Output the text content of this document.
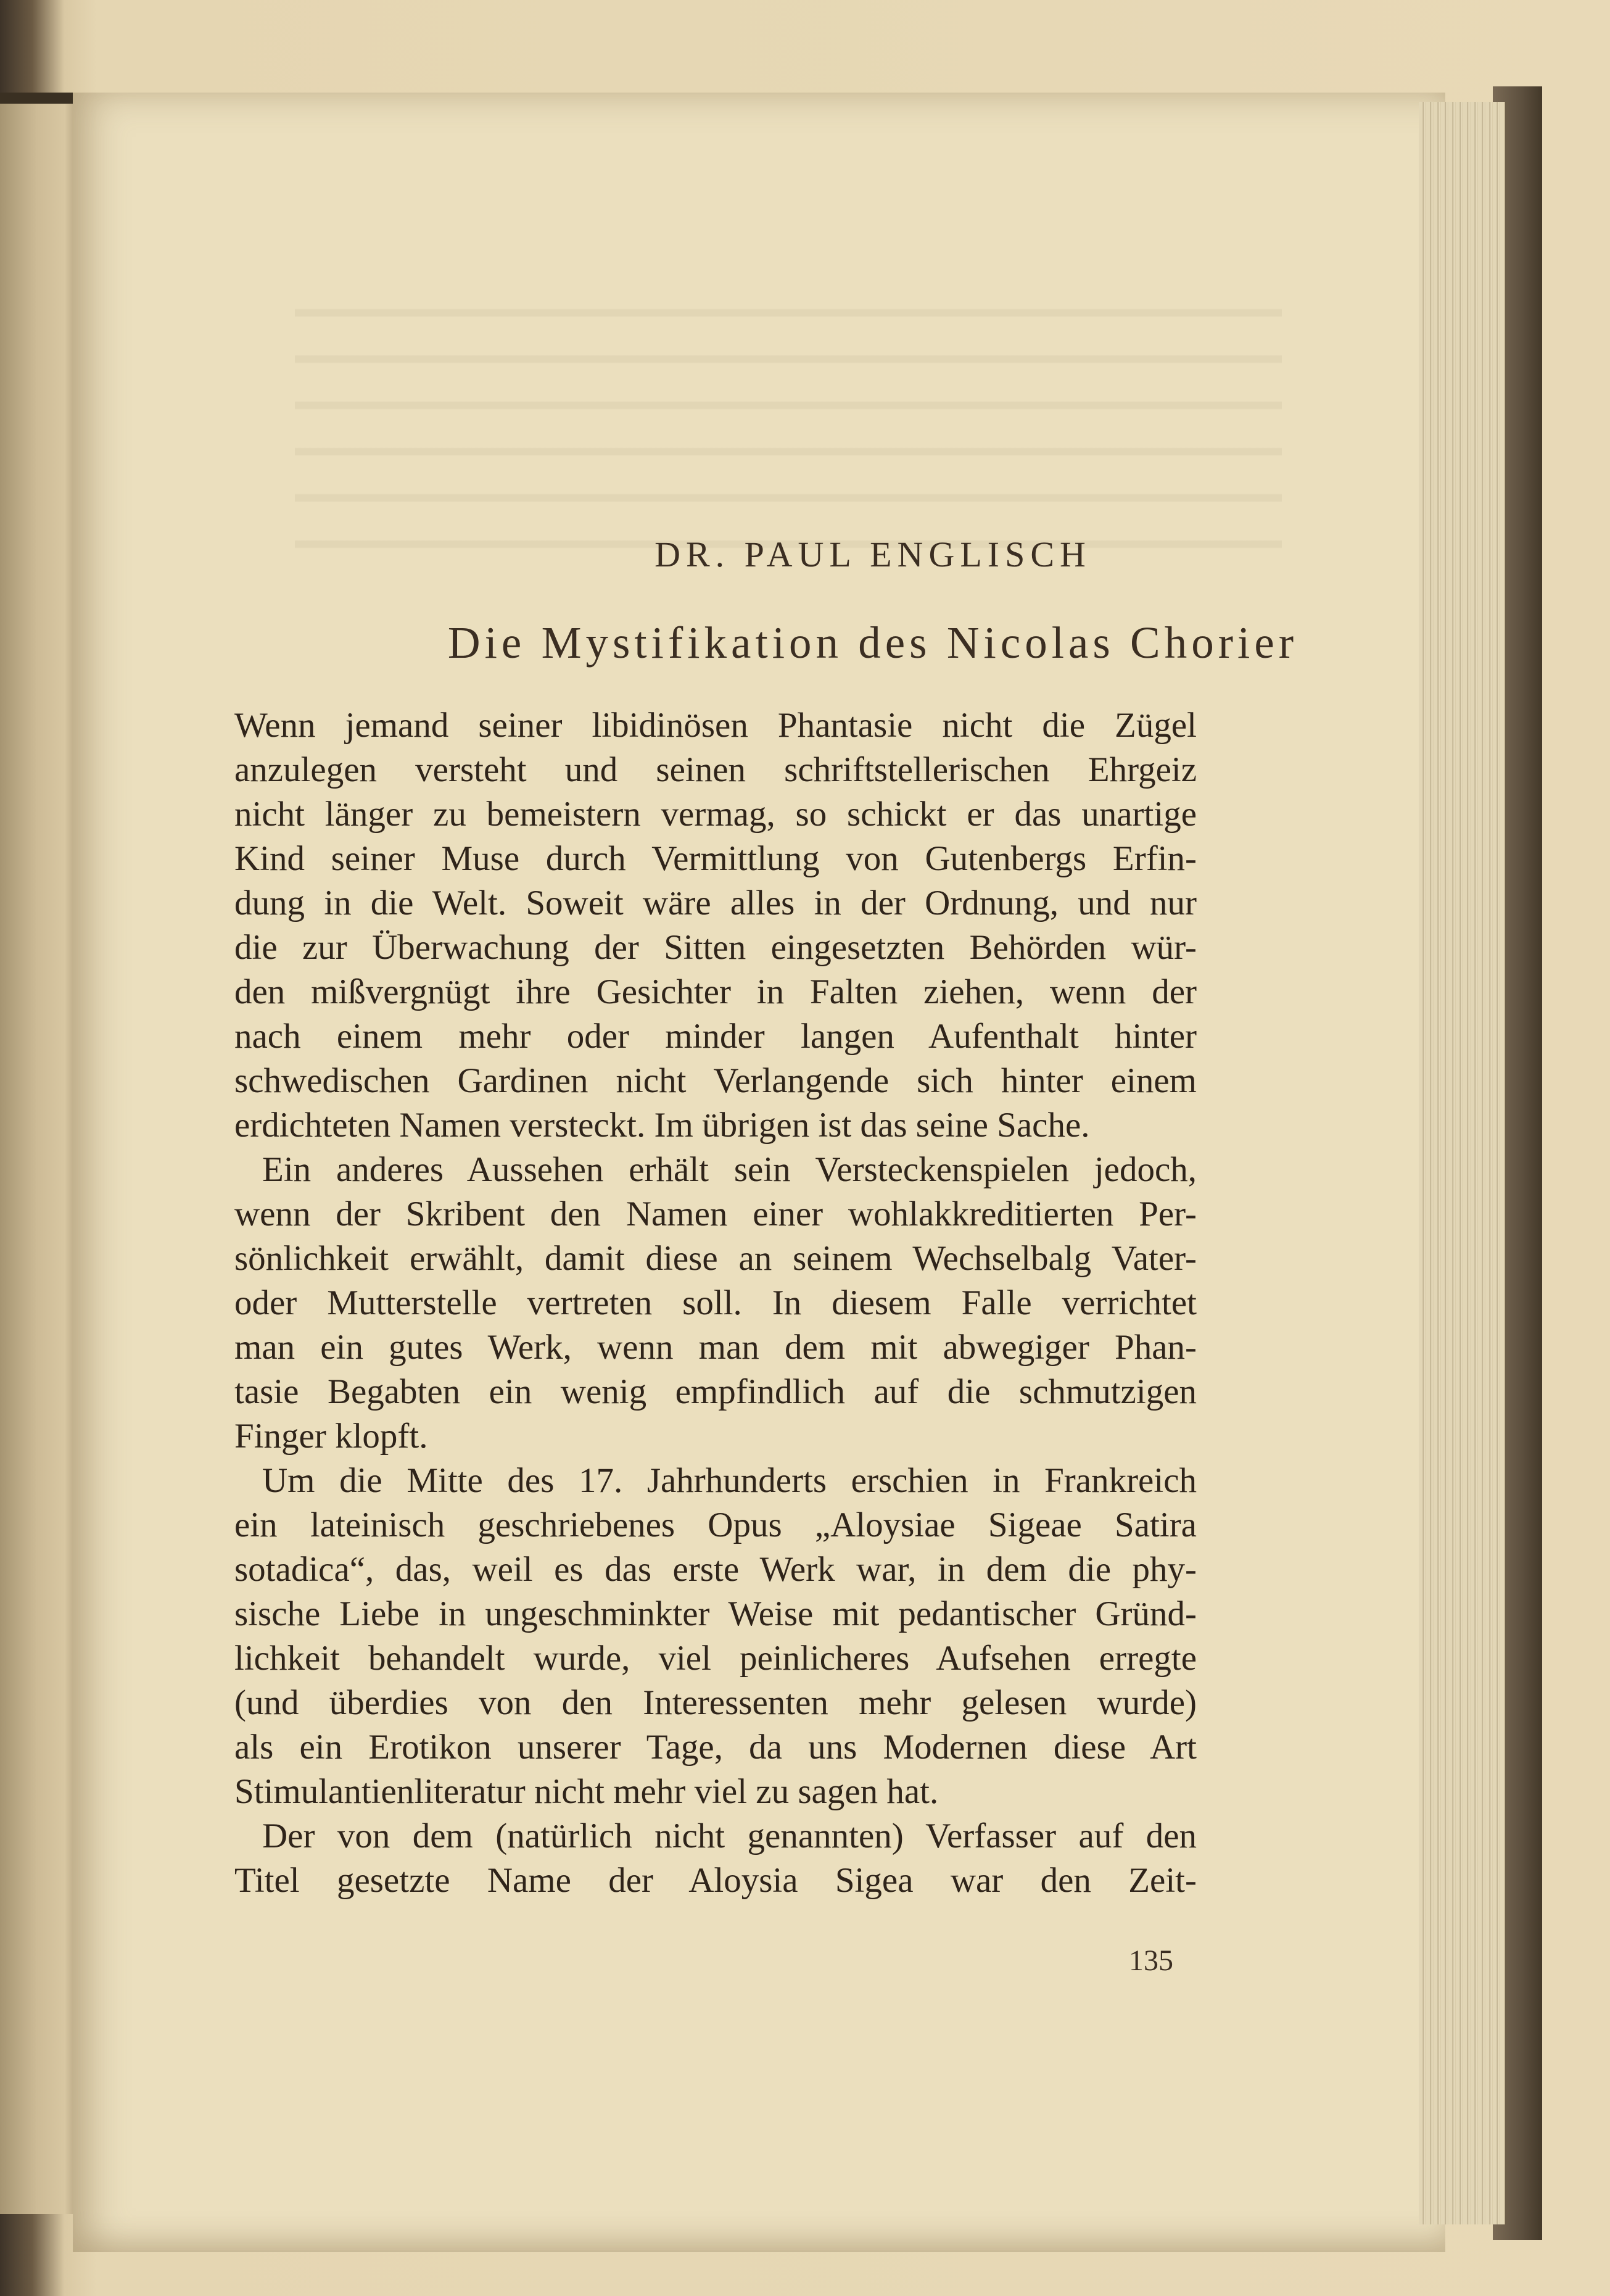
DR. PAUL ENGLISCH
Die Mystifikation des Nicolas Chorier
Wenn jemand seiner libidinösen Phantasie nicht die Zügel
anzulegen versteht und seinen schriftstellerischen Ehrgeiz
nicht länger zu bemeistern vermag, so schickt er das unartige
Kind seiner Muse durch Vermittlung von Gutenbergs Erfin-
dung in die Welt. Soweit wäre alles in der Ordnung, und nur
die zur Überwachung der Sitten eingesetzten Behörden wür-
den mißvergnügt ihre Gesichter in Falten ziehen, wenn der
nach einem mehr oder minder langen Aufenthalt hinter
schwedischen Gardinen nicht Verlangende sich hinter einem
erdichteten Namen versteckt. Im übrigen ist das seine Sache.
Ein anderes Aussehen erhält sein Versteckenspielen jedoch,
wenn der Skribent den Namen einer wohlakkreditierten Per-
sönlichkeit erwählt, damit diese an seinem Wechselbalg Vater-
oder Mutterstelle vertreten soll. In diesem Falle verrichtet
man ein gutes Werk, wenn man dem mit abwegiger Phan-
tasie Begabten ein wenig empfindlich auf die schmutzigen
Finger klopft.
Um die Mitte des 17. Jahrhunderts erschien in Frankreich
ein lateinisch geschriebenes Opus „Aloysiae Sigeae Satira
sotadica“, das, weil es das erste Werk war, in dem die phy-
sische Liebe in ungeschminkter Weise mit pedantischer Gründ-
lichkeit behandelt wurde, viel peinlicheres Aufsehen erregte
(und überdies von den Interessenten mehr gelesen wurde)
als ein Erotikon unserer Tage, da uns Modernen diese Art
Stimulantienliteratur nicht mehr viel zu sagen hat.
Der von dem (natürlich nicht genannten) Verfasser auf den
Titel gesetzte Name der Aloysia Sigea war den Zeit-
135
